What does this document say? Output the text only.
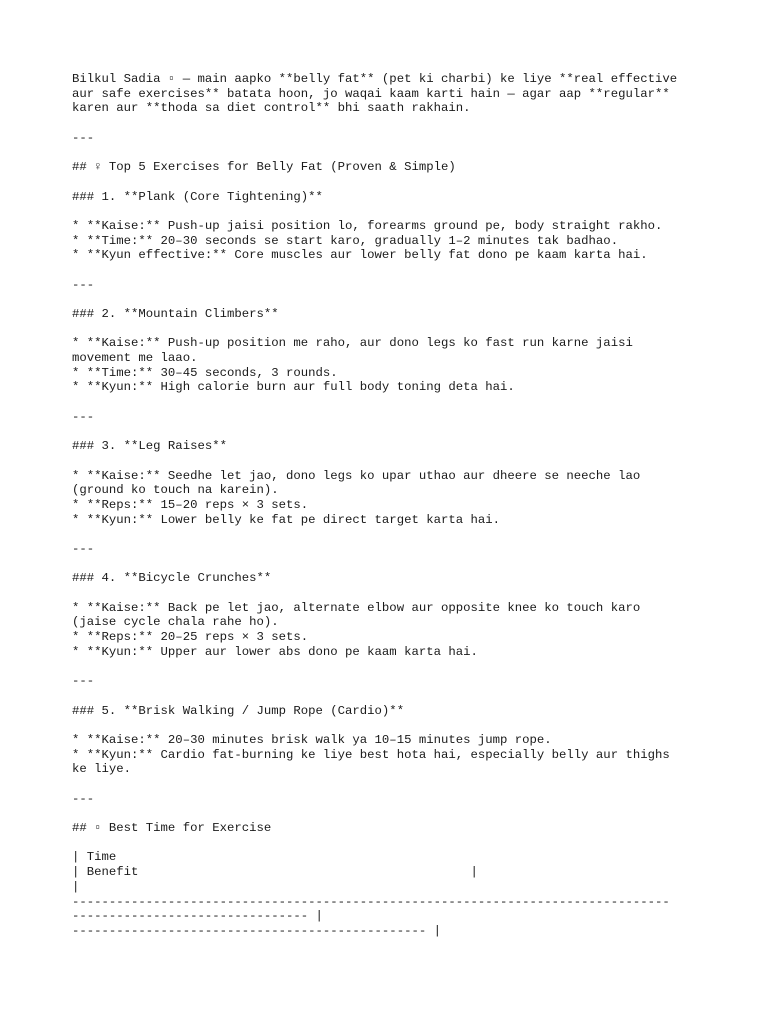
Bilkul Sadia ▫ — main aapko **belly fat** (pet ki charbi) ke liye **real effective
aur safe exercises** batata hoon, jo waqai kaam karti hain — agar aap **regular**
karen aur **thoda sa diet control** bhi saath rakhain.
---
## ♀ Top 5 Exercises for Belly Fat (Proven & Simple)
### 1. **Plank (Core Tightening)**
* **Kaise:** Push-up jaisi position lo, forearms ground pe, body straight rakho.
* **Time:** 20–30 seconds se start karo, gradually 1–2 minutes tak badhao.
* **Kyun effective:** Core muscles aur lower belly fat dono pe kaam karta hai.
---
### 2. **Mountain Climbers**
* **Kaise:** Push-up position me raho, aur dono legs ko fast run karne jaisi
movement me laao.
* **Time:** 30–45 seconds, 3 rounds.
* **Kyun:** High calorie burn aur full body toning deta hai.
---
### 3. **Leg Raises**
* **Kaise:** Seedhe let jao, dono legs ko upar uthao aur dheere se neeche lao
(ground ko touch na karein).
* **Reps:** 15–20 reps × 3 sets.
* **Kyun:** Lower belly ke fat pe direct target karta hai.
---
### 4. **Bicycle Crunches**
* **Kaise:** Back pe let jao, alternate elbow aur opposite knee ko touch karo
(jaise cycle chala rahe ho).
* **Reps:** 20–25 reps × 3 sets.
* **Kyun:** Upper aur lower abs dono pe kaam karta hai.
---
### 5. **Brisk Walking / Jump Rope (Cardio)**
* **Kaise:** 20–30 minutes brisk walk ya 10–15 minutes jump rope.
* **Kyun:** Cardio fat-burning ke liye best hota hai, especially belly aur thighs
ke liye.
---
## ▫ Best Time for Exercise
| Time
| Benefit                                             |
|
---------------------------------------------------------------------------------
-------------------------------- |
------------------------------------------------ |
